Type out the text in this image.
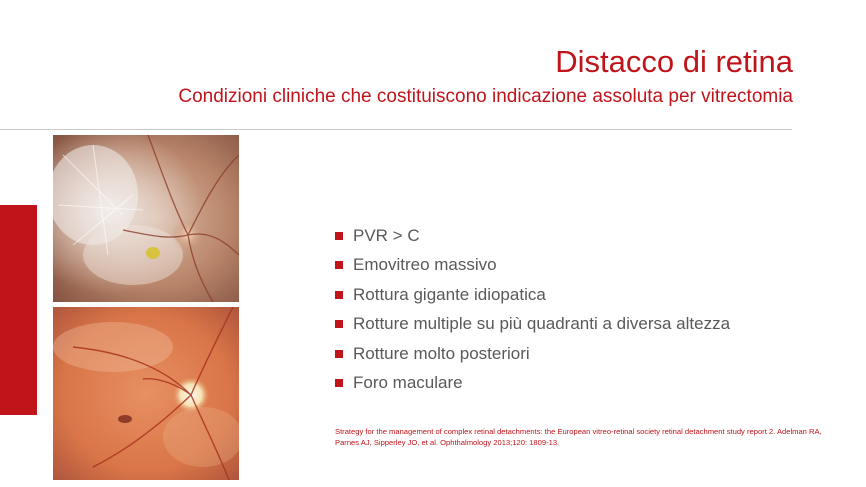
Distacco di retina
Condizioni cliniche che costituiscono indicazione assoluta per vitrectomia
PVR > C
Emovitreo massivo
Rottura gigante idiopatica
Rotture multiple su più quadranti a diversa altezza
Rotture molto posteriori
Foro maculare
Strategy for the management of complex retinal detachments: the European vitreo-retinal society retinal detachment study report 2. Adelman RA, Parnes AJ, Sipperley JO, et al. Ophthalmology 2013;120: 1809-13.
